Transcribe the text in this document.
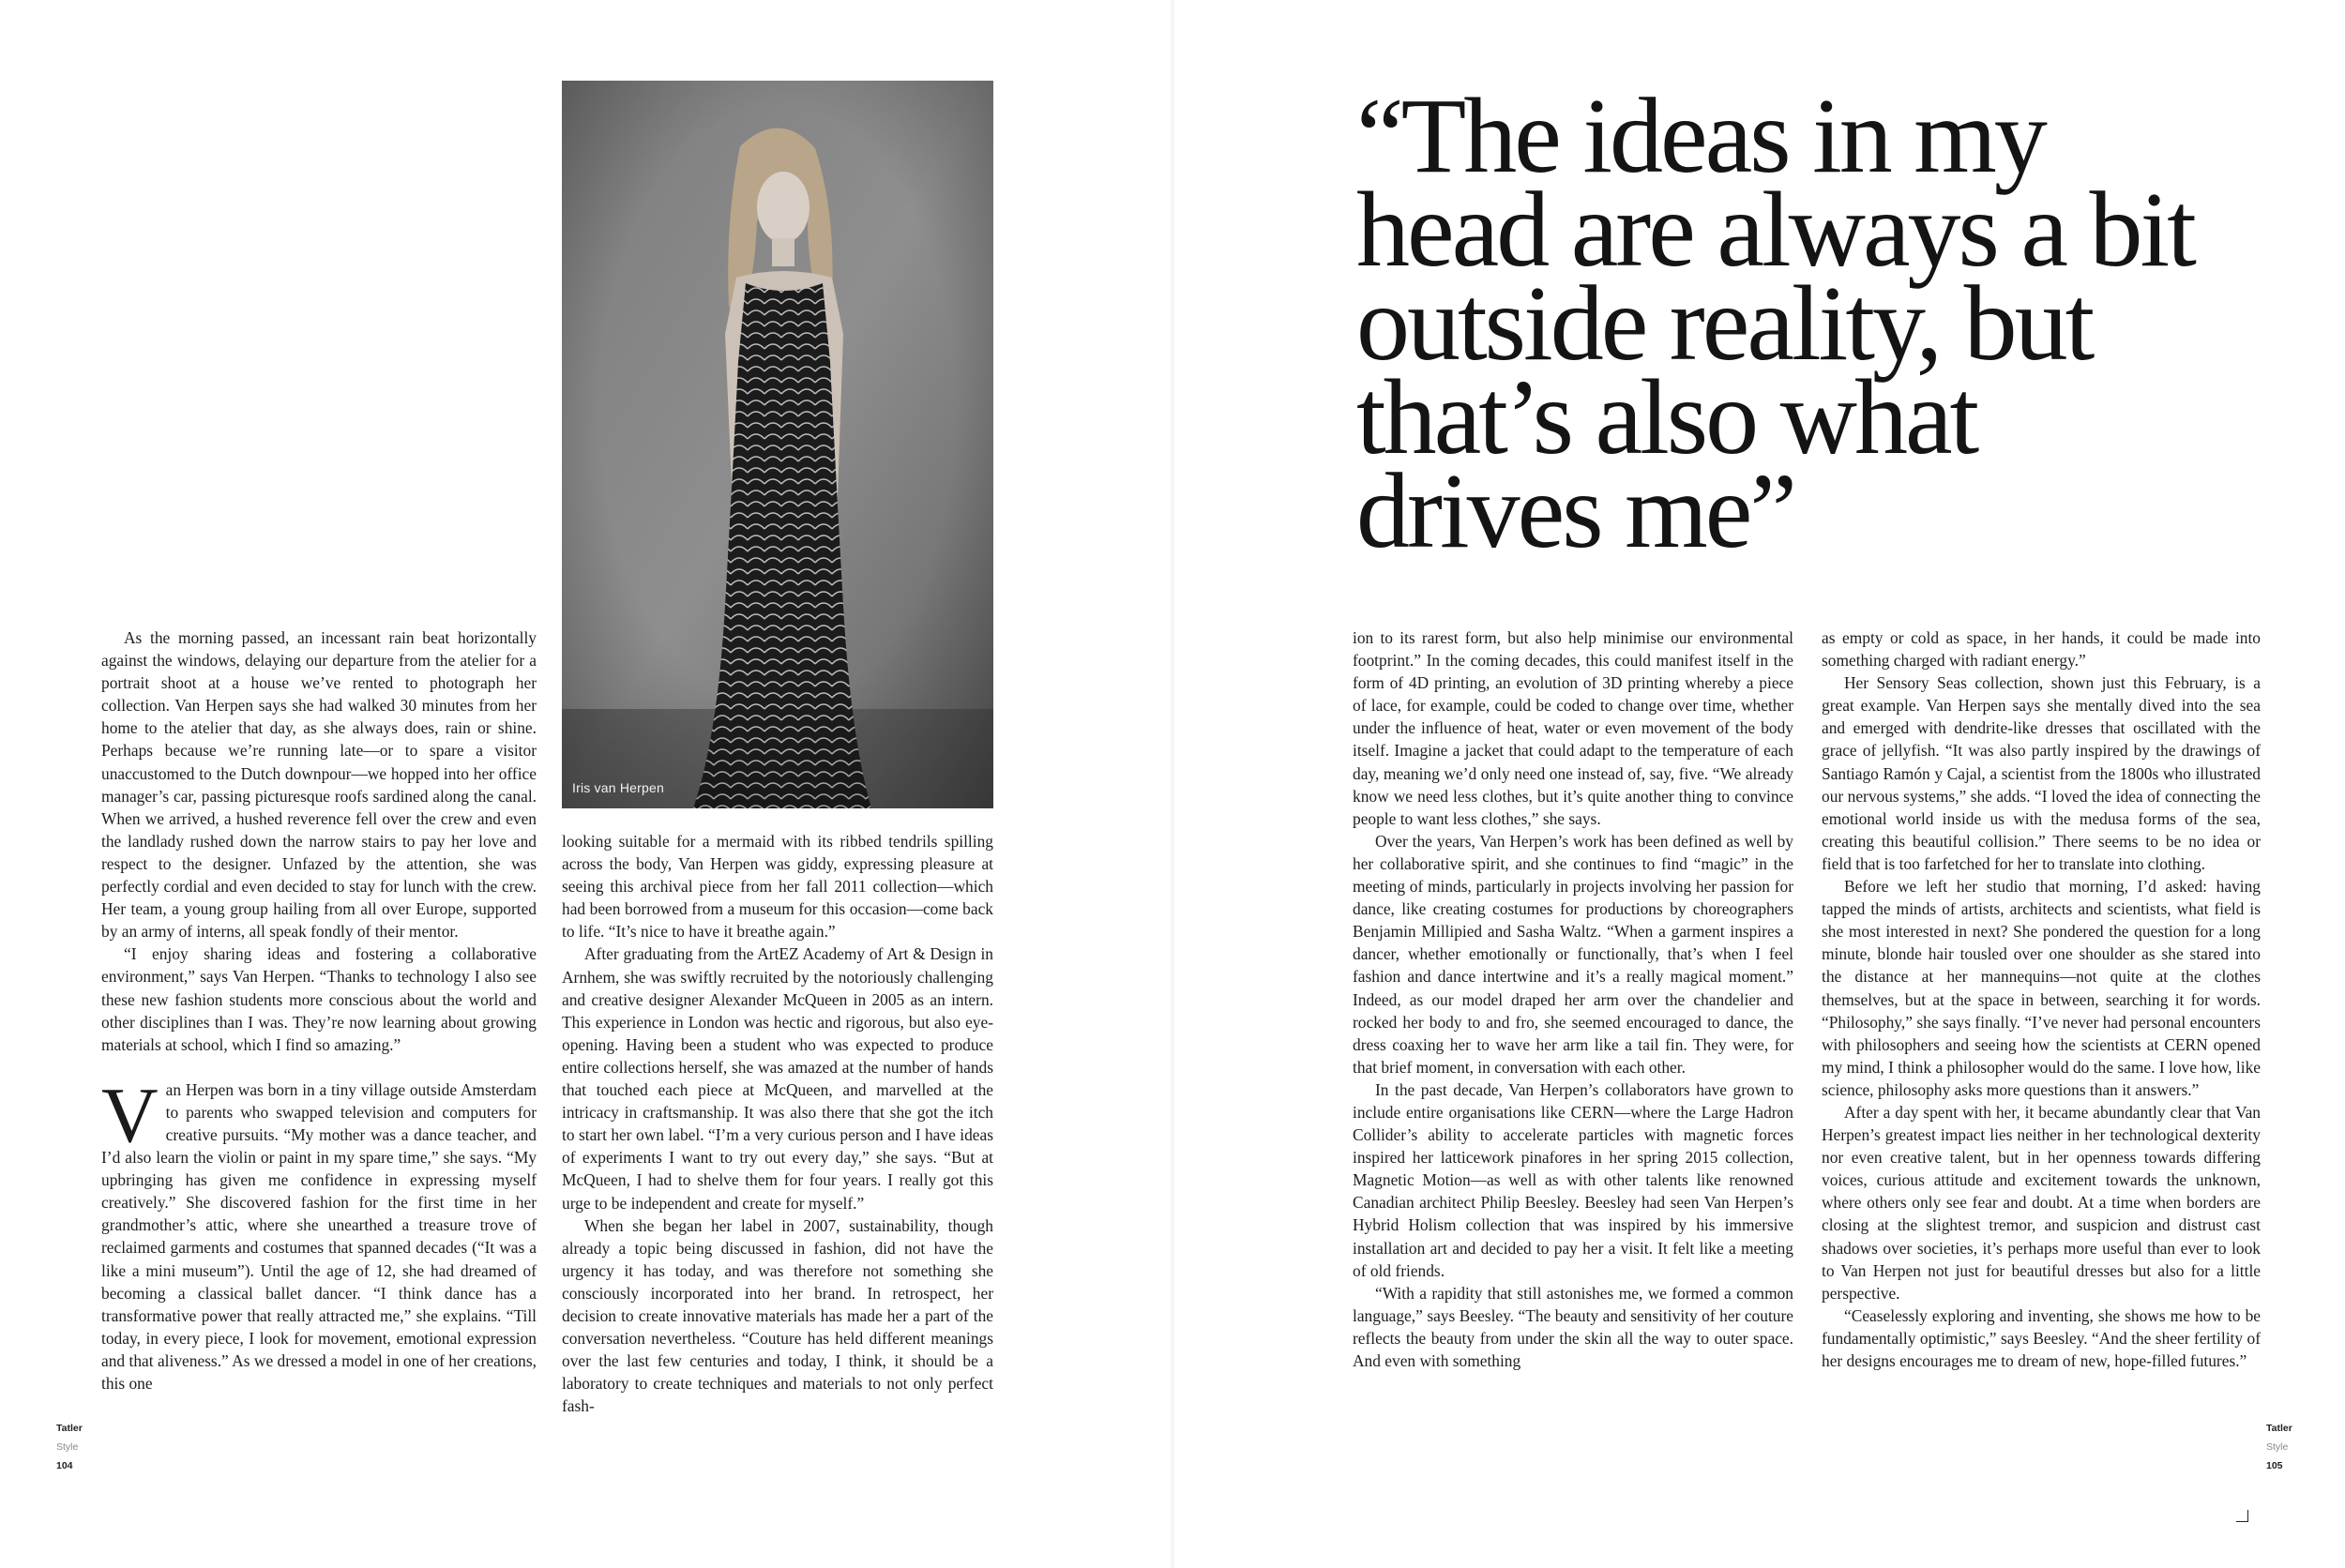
Iris van Herpen

As the morning passed, an incessant rain beat horizontally against the windows, delaying our departure from the atelier for a portrait shoot at a house we’ve rented to photograph her collection. Van Herpen says she had walked 30 minutes from her home to the atelier that day, as she always does, rain or shine. Perhaps because we’re running late—or to spare a visitor unaccustomed to the Dutch downpour—we hopped into her office manager’s car, passing picturesque roofs sardined along the canal. When we arrived, a hushed reverence fell over the crew and even the landlady rushed down the narrow stairs to pay her love and respect to the designer. Unfazed by the attention, she was perfectly cordial and even decided to stay for lunch with the crew. Her team, a young group hailing from all over Europe, supported by an army of interns, all speak fondly of their mentor.

“I enjoy sharing ideas and fostering a collaborative environment,” says Van Herpen. “Thanks to technology I also see these new fashion students more conscious about the world and other disciplines than I was. They’re now learning about growing materials at school, which I find so amazing.”

Van Herpen was born in a tiny village outside Amsterdam to parents who swapped television and computers for creative pursuits. “My mother was a dance teacher, and I’d also learn the violin or paint in my spare time,” she says. “My upbringing has given me confidence in expressing myself creatively.” She discovered fashion for the first time in her grandmother’s attic, where she unearthed a treasure trove of reclaimed garments and costumes that spanned decades (“It was a like a mini museum”). Until the age of 12, she had dreamed of becoming a classical ballet dancer. “I think dance has a transformative power that really attracted me,” she explains. “Till today, in every piece, I look for movement, emotional expression and that aliveness.” As we dressed a model in one of her creations, this one

looking suitable for a mermaid with its ribbed tendrils spilling across the body, Van Herpen was giddy, expressing pleasure at seeing this archival piece from her fall 2011 collection—which had been borrowed from a museum for this occasion—come back to life. “It’s nice to have it breathe again.”

After graduating from the ArtEZ Academy of Art & Design in Arnhem, she was swiftly recruited by the notoriously challenging and creative designer Alexander McQueen in 2005 as an intern. This experience in London was hectic and rigorous, but also eye-opening. Having been a student who was expected to produce entire collections herself, she was amazed at the number of hands that touched each piece at McQueen, and marvelled at the intricacy in craftsmanship. It was also there that she got the itch to start her own label. “I’m a very curious person and I have ideas of experiments I want to try out every day,” she says. “But at McQueen, I had to shelve them for four years. I really got this urge to be independent and create for myself.”

When she began her label in 2007, sustainability, though already a topic being discussed in fashion, did not have the urgency it has today, and was therefore not something she consciously incorporated into her brand. In retrospect, her decision to create innovative materials has made her a part of the conversation nevertheless. “Couture has held different meanings over the last few centuries and today, I think, it should be a laboratory to create techniques and materials to not only perfect fash-

“The ideas in my
head are always a bit
outside reality, but
that’s also what
drives me”

ion to its rarest form, but also help minimise our environmental footprint.” In the coming decades, this could manifest itself in the form of 4D printing, an evolution of 3D printing whereby a piece of lace, for example, could be coded to change over time, whether under the influence of heat, water or even movement of the body itself. Imagine a jacket that could adapt to the temperature of each day, meaning we’d only need one instead of, say, five. “We already know we need less clothes, but it’s quite another thing to convince people to want less clothes,” she says.

Over the years, Van Herpen’s work has been defined as well by her collaborative spirit, and she continues to find “magic” in the meeting of minds, particularly in projects involving her passion for dance, like creating costumes for productions by choreographers Benjamin Millipied and Sasha Waltz. “When a garment inspires a dancer, whether emotionally or functionally, that’s when I feel fashion and dance intertwine and it’s a really magical moment.” Indeed, as our model draped her arm over the chandelier and rocked her body to and fro, she seemed encouraged to dance, the dress coaxing her to wave her arm like a tail fin. They were, for that brief moment, in conversation with each other.

In the past decade, Van Herpen’s collaborators have grown to include entire organisations like CERN—where the Large Hadron Collider’s ability to accelerate particles with magnetic forces inspired her latticework pinafores in her spring 2015 collection, Magnetic Motion—as well as with other talents like renowned Canadian architect Philip Beesley. Beesley had seen Van Herpen’s Hybrid Holism collection that was inspired by his immersive installation art and decided to pay her a visit. It felt like a meeting of old friends.

“With a rapidity that still astonishes me, we formed a common language,” says Beesley. “The beauty and sensitivity of her couture reflects the beauty from under the skin all the way to outer space. And even with something

as empty or cold as space, in her hands, it could be made into something charged with radiant energy.”

Her Sensory Seas collection, shown just this February, is a great example. Van Herpen says she mentally dived into the sea and emerged with dendrite-like dresses that oscillated with the grace of jellyfish. “It was also partly inspired by the drawings of Santiago Ramón y Cajal, a scientist from the 1800s who illustrated our nervous systems,” she adds. “I loved the idea of connecting the emotional world inside us with the medusa forms of the sea, creating this beautiful collision.” There seems to be no idea or field that is too farfetched for her to translate into clothing.

Before we left her studio that morning, I’d asked: having tapped the minds of artists, architects and scientists, what field is she most interested in next? She pondered the question for a long minute, blonde hair tousled over one shoulder as she stared into the distance at her mannequins—not quite at the clothes themselves, but at the space in between, searching it for words. “Philosophy,” she says finally. “I’ve never had personal encounters with philosophers and seeing how the scientists at CERN opened my mind, I think a philosopher would do the same. I love how, like science, philosophy asks more questions than it answers.”

After a day spent with her, it became abundantly clear that Van Herpen’s greatest impact lies neither in her technological dexterity nor even creative talent, but in her openness towards differing voices, curious attitude and excitement towards the unknown, where others only see fear and doubt. At a time when borders are closing at the slightest tremor, and suspicion and distrust cast shadows over societies, it’s perhaps more useful than ever to look to Van Herpen not just for beautiful dresses but also for a little perspective.

“Ceaselessly exploring and inventing, she shows me how to be fundamentally optimistic,” says Beesley. “And the sheer fertility of her designs encourages me to dream of new, hope-filled futures.”

Tatler
Style
104
Tatler
Style
105
